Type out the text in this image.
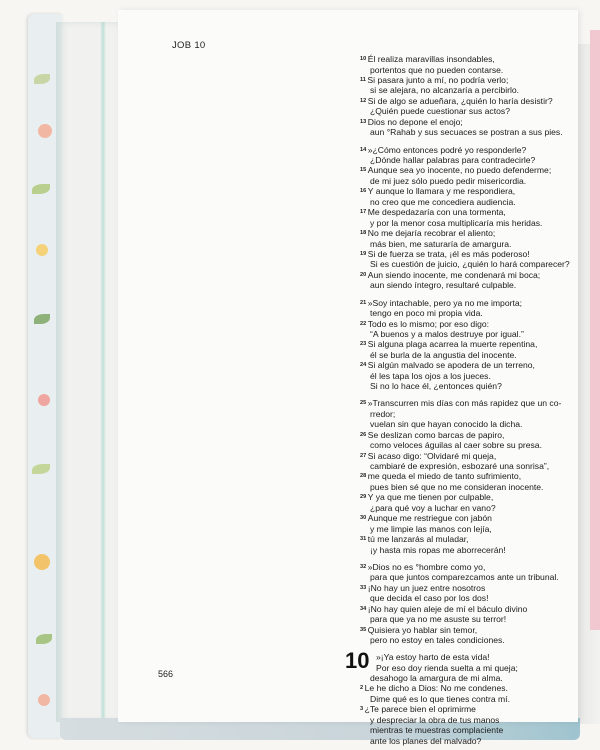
JOB 10
$^{10}$ Él realiza maravillas insondables,
portentos que no pueden contarse.
$^{11}$ Si pasara junto a mí, no podría verlo;
si se alejara, no alcanzaría a percibirlo.
$^{12}$ Si de algo se adueñara, ¿quién lo haría desistir?
¿Quién puede cuestionar sus actos?
$^{13}$ Dios no depone el enojo;
aun °Rahab y sus secuaces se postran a sus pies.
$^{14}$ »¿Cómo entonces podré yo responderle?
¿Dónde hallar palabras para contradecirle?
$^{15}$ Aunque sea yo inocente, no puedo defenderme;
de mi juez sólo puedo pedir misericordia.
$^{16}$ Y aunque lo llamara y me respondiera,
no creo que me concediera audiencia.
$^{17}$ Me despedazaría con una tormenta,
y por la menor cosa multiplicaría mis heridas.
$^{18}$ No me dejaría recobrar el aliento;
más bien, me saturaría de amargura.
$^{19}$ Si de fuerza se trata, ¡él es más poderoso!
Si es cuestión de juicio, ¿quién lo hará comparecer?
$^{20}$ Aun siendo inocente, me condenará mi boca;
aun siendo íntegro, resultaré culpable.
$^{21}$ »Soy intachable, pero ya no me importa;
tengo en poco mi propia vida.
$^{22}$ Todo es lo mismo; por eso digo:
“A buenos y a malos destruye por igual.”
$^{23}$ Si alguna plaga acarrea la muerte repentina,
él se burla de la angustia del inocente.
$^{24}$ Si algún malvado se apodera de un terreno,
él les tapa los ojos a los jueces.
Si no lo hace él, ¿entonces quién?
$^{25}$ »Transcurren mis días con más rapidez que un co-
rredor;
vuelan sin que hayan conocido la dicha.
$^{26}$ Se deslizan como barcas de papiro,
como veloces águilas al caer sobre su presa.
$^{27}$ Si acaso digo: “Olvidaré mi queja,
cambiaré de expresión, esbozaré una sonrisa”,
$^{28}$ me queda el miedo de tanto sufrimiento,
pues bien sé que no me consideran inocente.
$^{29}$ Y ya que me tienen por culpable,
¿para qué voy a luchar en vano?
$^{30}$ Aunque me restriegue con jabón
y me limpie las manos con lejía,
$^{31}$ tú me lanzarás al muladar,
¡y hasta mis ropas me aborrecerán!
$^{32}$ »Dios no es °hombre como yo,
para que juntos comparezcamos ante un tribunal.
$^{33}$ ¡No hay un juez entre nosotros
que decida el caso por los dos!
$^{34}$ ¡No hay quien aleje de mí el báculo divino
para que ya no me asuste su terror!
$^{35}$ Quisiera yo hablar sin temor,
pero no estoy en tales condiciones.
10 »¡Ya estoy harto de esta vida!
Por eso doy rienda suelta a mi queja;
desahogo la amargura de mi alma.
$^2$ Le he dicho a Dios: No me condenes.
Dime qué es lo que tienes contra mí.
$^3$ ¿Te parece bien el oprimirme
y despreciar la obra de tus manos
mientras te muestras complaciente
ante los planes del malvado?
566
